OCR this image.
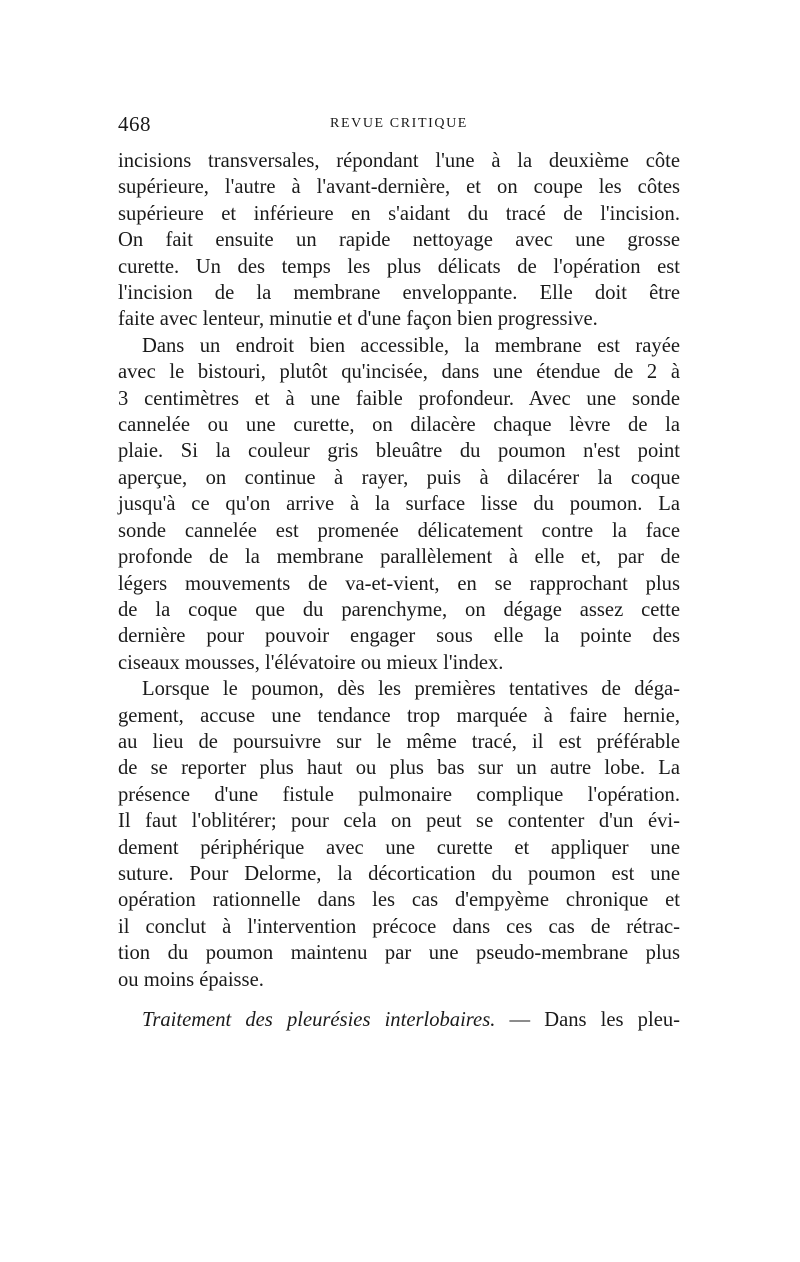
468	REVUE CRITIQUE
incisions transversales, répondant l'une à la deuxième côte
supérieure, l'autre à l'avant-dernière, et on coupe les côtes
supérieure et inférieure en s'aidant du tracé de l'incision.
On fait ensuite un rapide nettoyage avec une grosse
curette. Un des temps les plus délicats de l'opération est
l'incision de la membrane enveloppante. Elle doit être
faite avec lenteur, minutie et d'une façon bien progressive.
Dans un endroit bien accessible, la membrane est rayée
avec le bistouri, plutôt qu'incisée, dans une étendue de 2 à
3 centimètres et à une faible profondeur. Avec une sonde
cannelée ou une curette, on dilacère chaque lèvre de la
plaie. Si la couleur gris bleuâtre du poumon n'est point
aperçue, on continue à rayer, puis à dilacérer la coque
jusqu'à ce qu'on arrive à la surface lisse du poumon. La
sonde cannelée est promenée délicatement contre la face
profonde de la membrane parallèlement à elle et, par de
légers mouvements de va-et-vient, en se rapprochant plus
de la coque que du parenchyme, on dégage assez cette
dernière pour pouvoir engager sous elle la pointe des
ciseaux mousses, l'élévatoire ou mieux l'index.
Lorsque le poumon, dès les premières tentatives de déga-
gement, accuse une tendance trop marquée à faire hernie,
au lieu de poursuivre sur le même tracé, il est préférable
de se reporter plus haut ou plus bas sur un autre lobe. La
présence d'une fistule pulmonaire complique l'opération.
Il faut l'oblitérer; pour cela on peut se contenter d'un évi-
dement périphérique avec une curette et appliquer une
suture. Pour Delorme, la décortication du poumon est une
opération rationnelle dans les cas d'empyème chronique et
il conclut à l'intervention précoce dans ces cas de rétrac-
tion du poumon maintenu par une pseudo-membrane plus
ou moins épaisse.
Traitement des pleurésies interlobaires. — Dans les pleu-
